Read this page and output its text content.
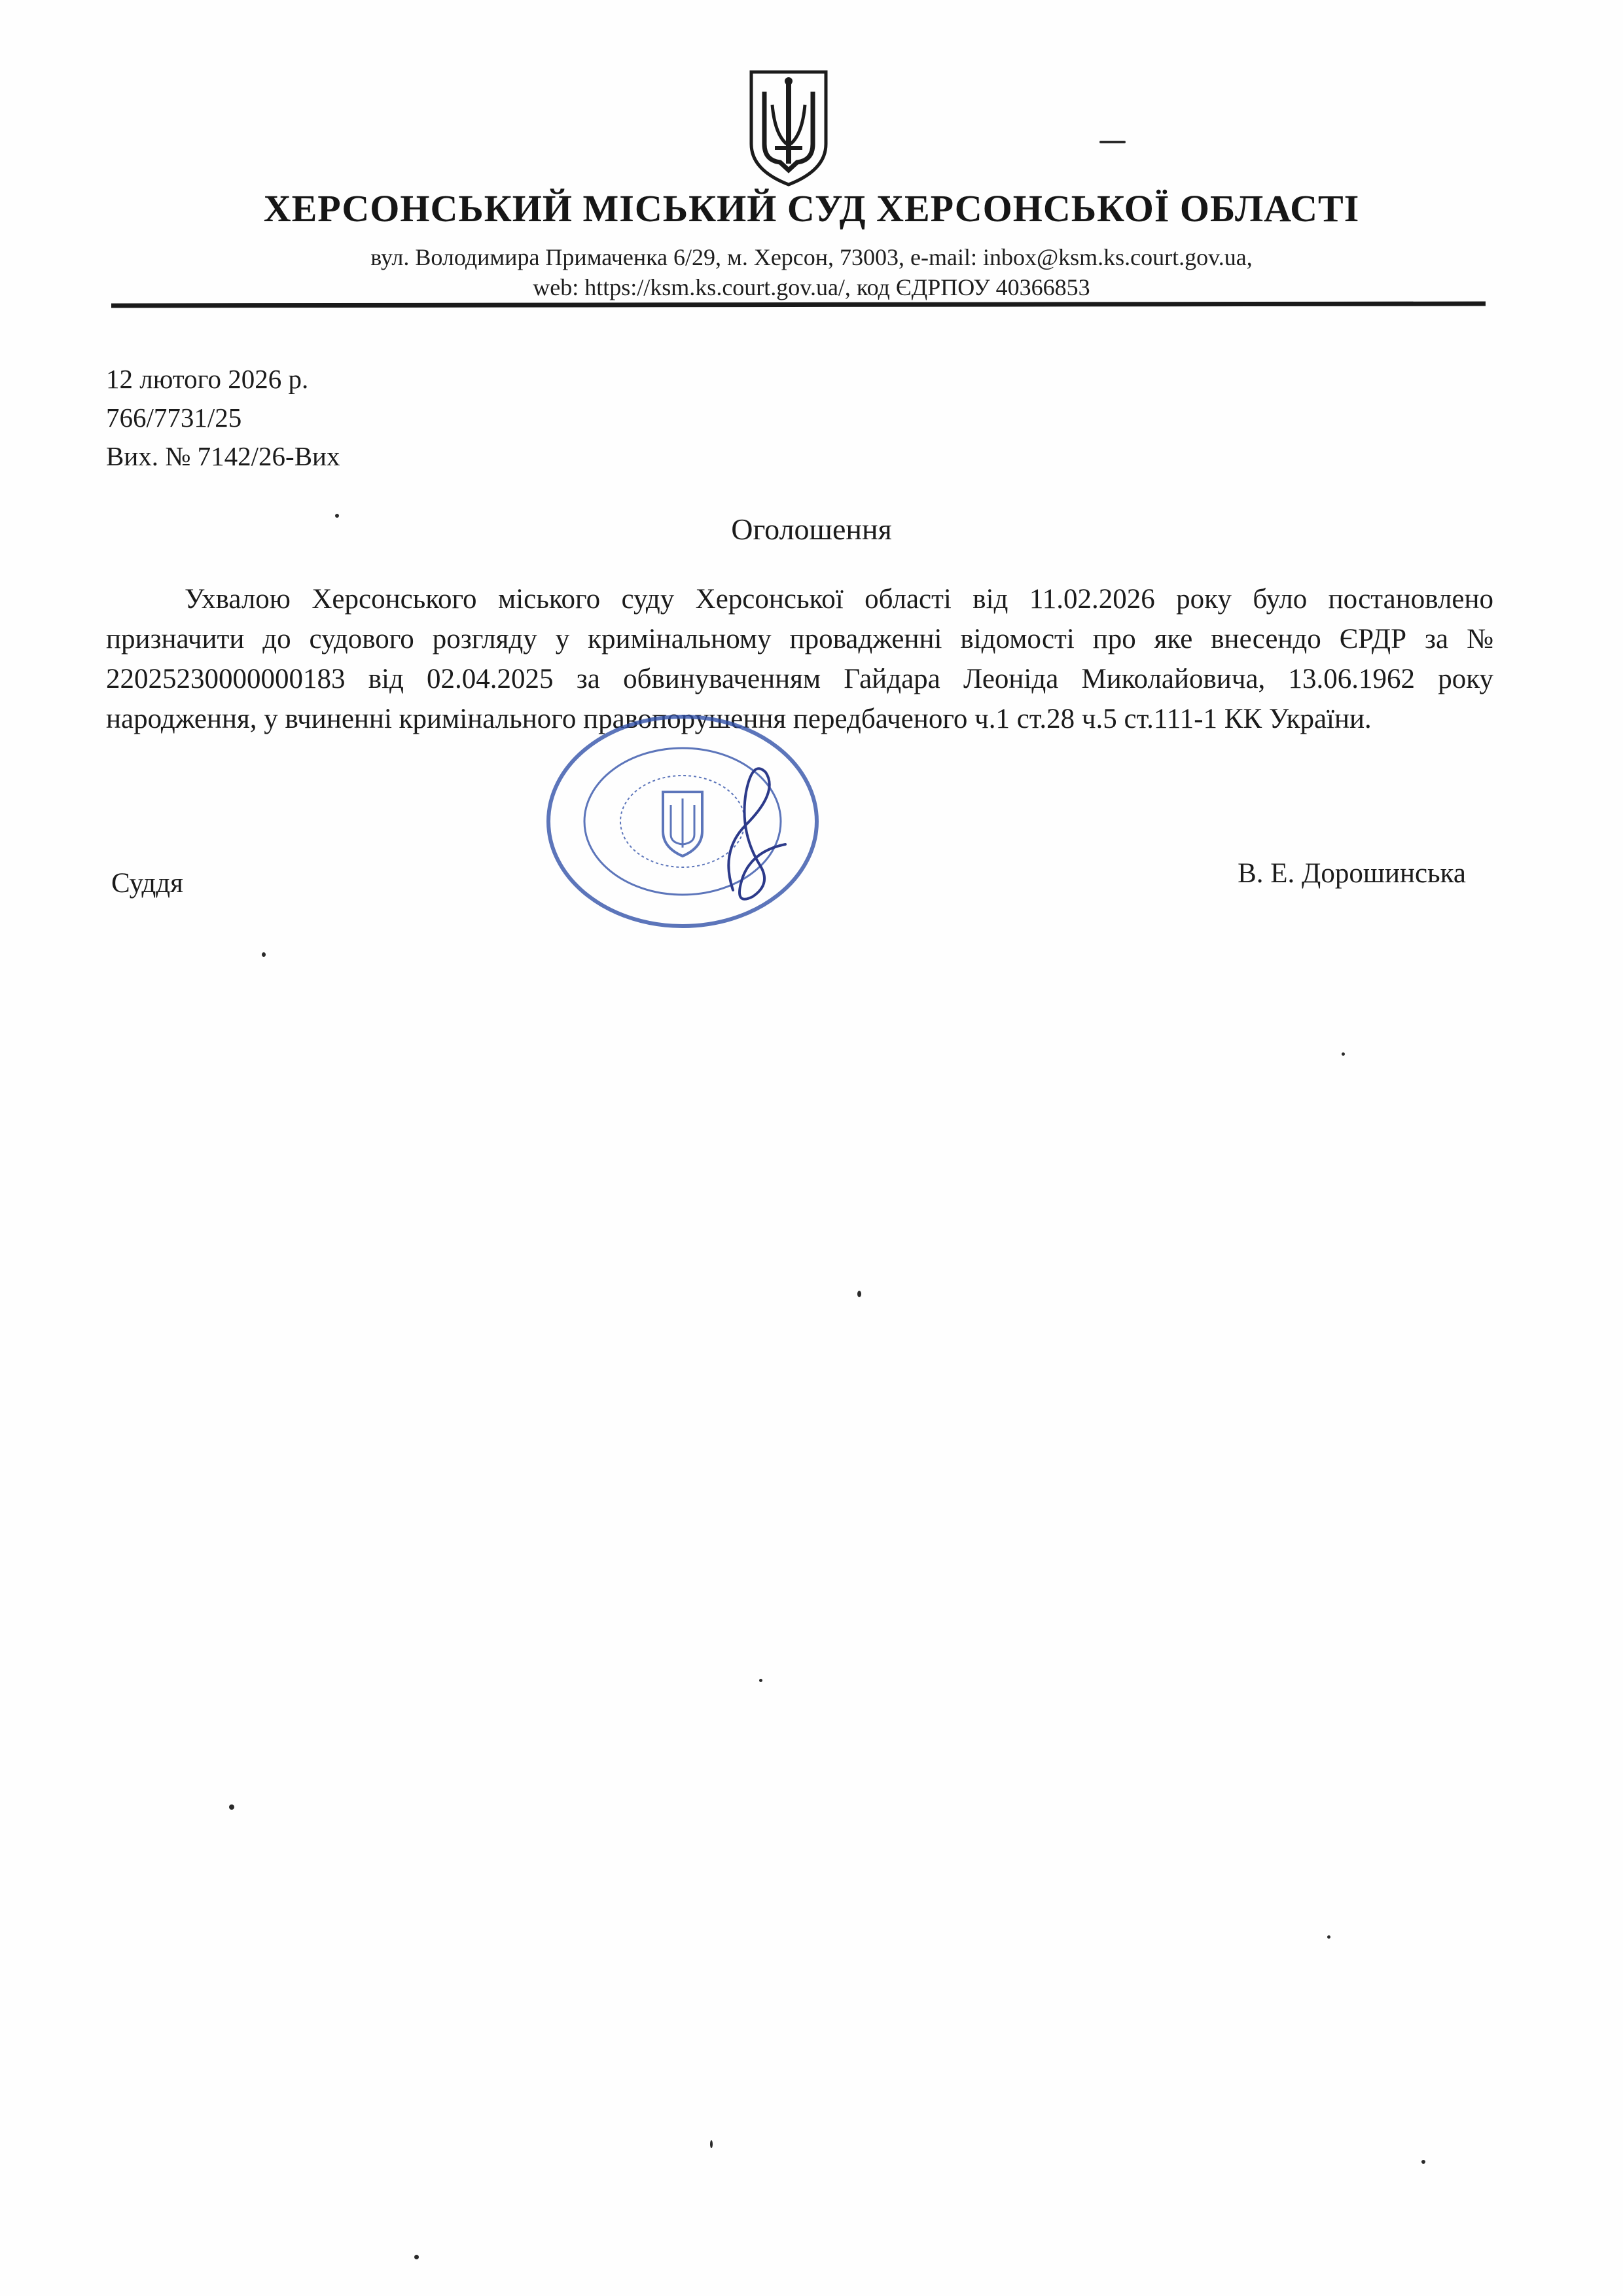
ХЕРСОНСЬКИЙ МІСЬКИЙ СУД ХЕРСОНСЬКОЇ ОБЛАСТІ
вул. Володимира Примаченка 6/29, м. Херсон, 73003, e-mail: inbox@ksm.ks.court.gov.ua,
web: https://ksm.ks.court.gov.ua/, код ЄДРПОУ 40366853
12 лютого 2026 р.
766/7731/25
Вих. № 7142/26-Вих
Оголошення
Ухвалою Херсонського міського суду Херсонської області від 11.02.2026 року було постановлено призначити до судового розгляду у кримінальному провадженні відомості про яке внесендо ЄРДР за № 22025230000000183 від 02.04.2025 за обвинуваченням Гайдара Леоніда Миколайовича, 13.06.1962 року народження, у вчиненні кримінального правопорушення передбаченого ч.1 ст.28 ч.5 ст.111-1 КК України.
Суддя	В. Е. Дорошинська
